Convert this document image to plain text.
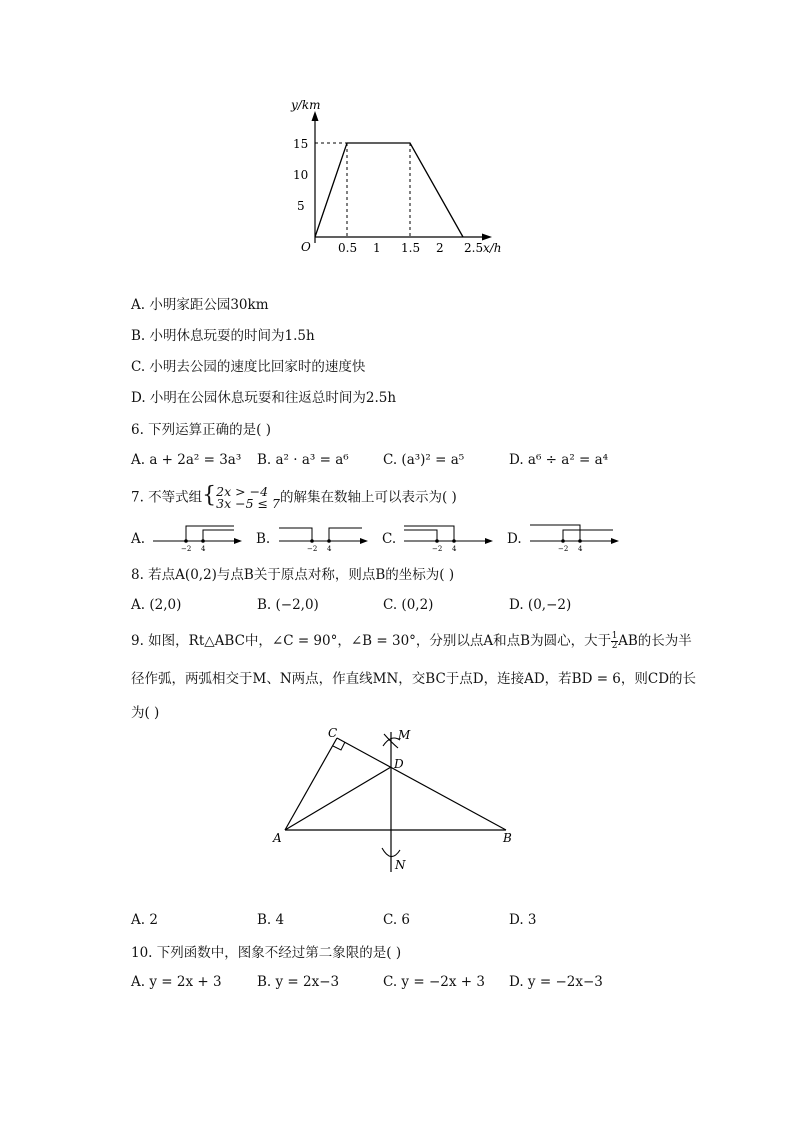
y/km
x/h
O
5
10
15
0.5 1 1.5 2 2.5
A. 小明家距公园30km
B. 小明休息玩耍的时间为1.5h
C. 小明去公园的速度比回家时的速度快
D. 小明在公园休息玩耍和往返总时间为2.5h
6. 下列运算正确的是( )
A. a + 2a² = 3a³ B. a² · a³ = a⁶	C. (a³)² = a⁵	D. a⁶ ÷ a² = a⁴
7. 不等式组{2x > −4
3x −5 ≤ 7的解集在数轴上可以表示为( )
A.	B.	C.	D.
−2 4	−2 4	−2 4	−2 4
8. 若点A(0,2)与点B关于原点对称，则点B的坐标为( )
A. (2,0)	B. (−2,0)	C. (0,2)	D. (0,−2)
9. 如图，Rt△ABC中，∠C = 90°，∠B = 30°，分别以点A和点B为圆心，大于$\frac{1}{2}AB$的长为半
径作弧，两弧相交于M、N两点，作直线MN，交BC于点D，连接AD，若BD = 6，则CD的长
为( )
C	M
D
A	B
N
A. 2	B. 4	C. 6	D. 3
10. 下列函数中，图象不经过第二象限的是( )
A. y = 2x + 3	B. y = 2x−3	C. y = −2x + 3 D. y = −2x−3
